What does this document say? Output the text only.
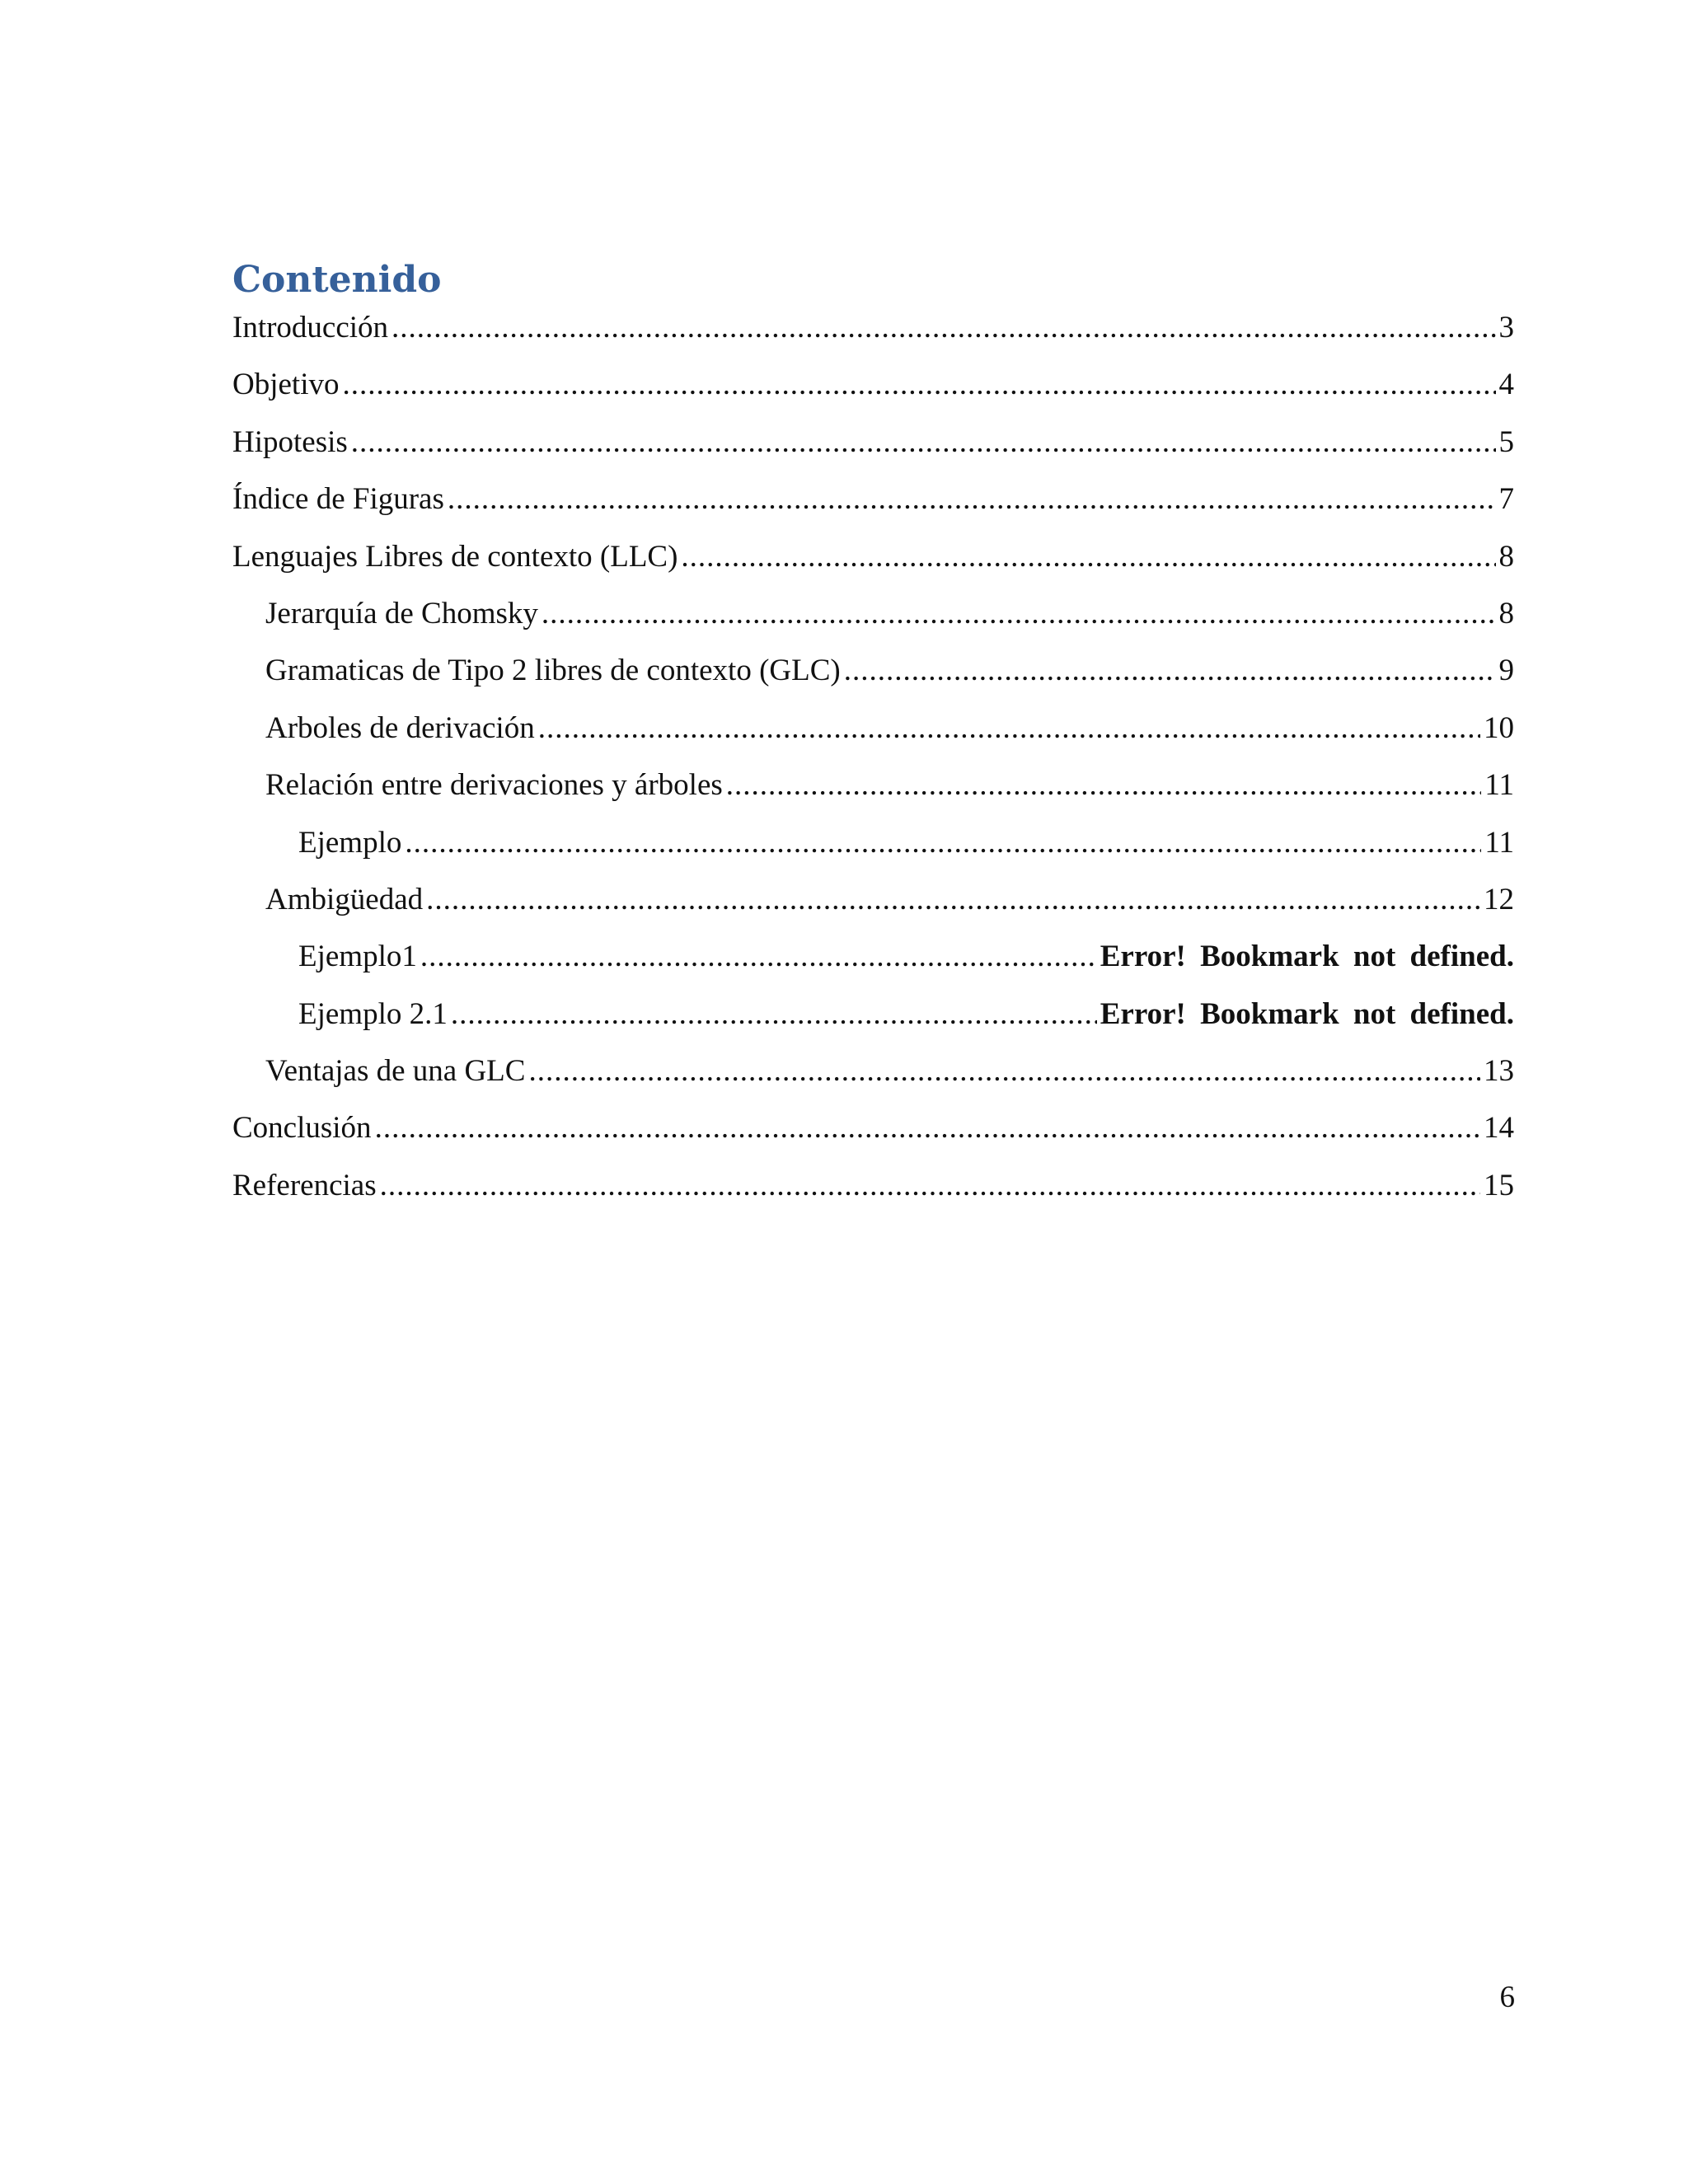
Contenido
Introducción .....	3
Objetivo .....	4
Hipotesis .....	5
Índice de Figuras .....	7
Lenguajes Libres de contexto (LLC) .....	8
Jerarquía de Chomsky .....	8
Gramaticas de Tipo 2 libres de contexto (GLC) .....	9
Arboles de derivación .....	10
Relación entre derivaciones y árboles .....	11
Ejemplo .....	11
Ambigüedad .....	12
Ejemplo1 .....	Error! Bookmark not defined.
Ejemplo 2.1 .....	Error! Bookmark not defined.
Ventajas de una GLC .....	13
Conclusión .....	14
Referencias .....	15
6
